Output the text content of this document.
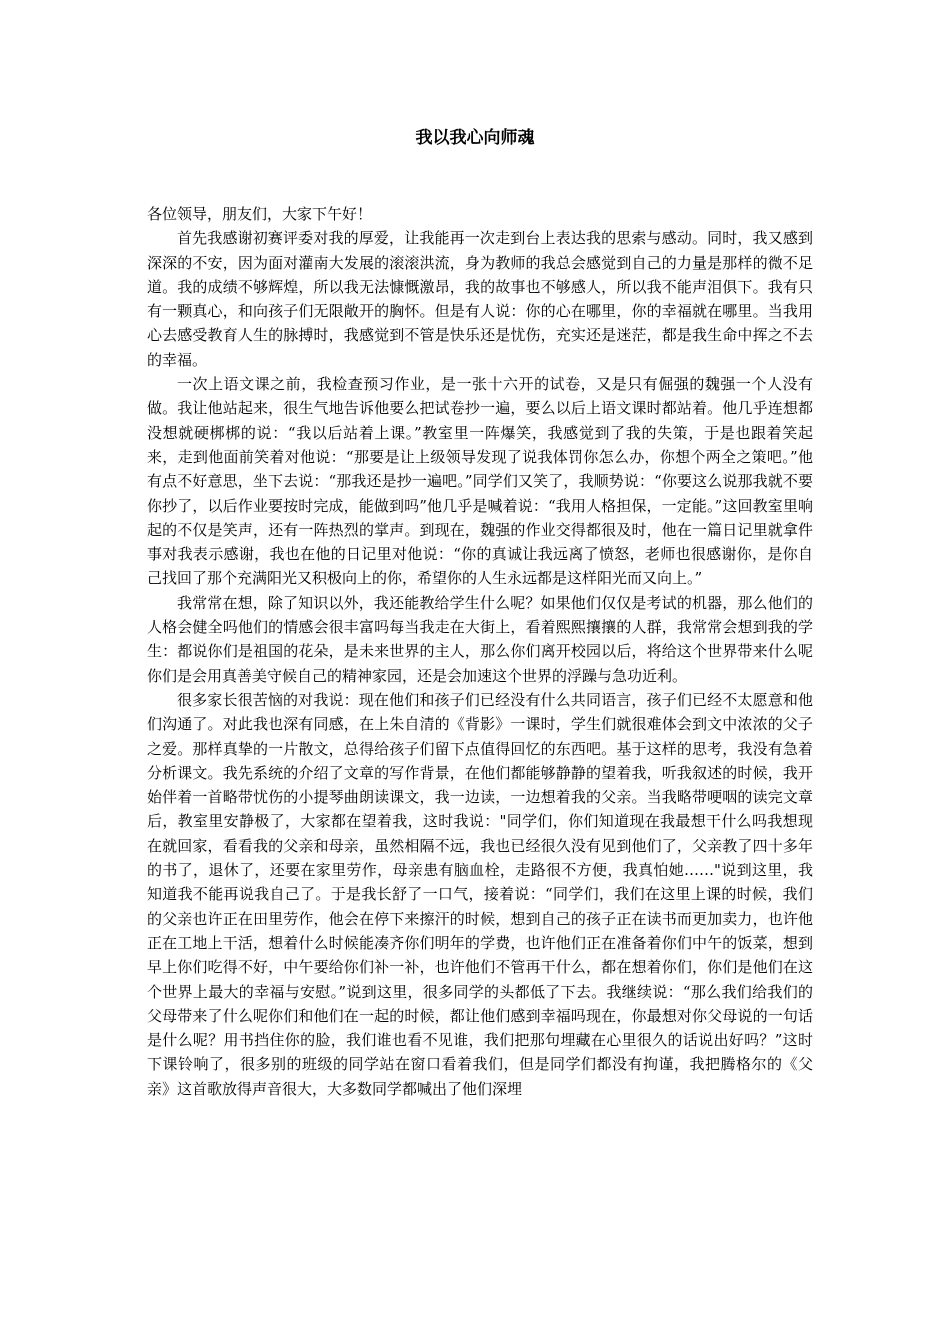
我以我心向师魂

各位领导，朋友们，大家下午好！

首先我感谢初赛评委对我的厚爱，让我能再一次走到台上表达我的思索与感动。同时，我又感到深深的不安，因为面对灌南大发展的滚滚洪流，身为教师的我总会感觉到自己的力量是那样的微不足道。我的成绩不够辉煌，所以我无法慷慨激昂，我的故事也不够感人，所以我不能声泪俱下。我有只有一颗真心，和向孩子们无限敞开的胸怀。但是有人说：你的心在哪里，你的幸福就在哪里。当我用心去感受教育人生的脉搏时，我感觉到不管是快乐还是忧伤，充实还是迷茫，都是我生命中挥之不去的幸福。

一次上语文课之前，我检查预习作业，是一张十六开的试卷，又是只有倔强的魏强一个人没有做。我让他站起来，很生气地告诉他要么把试卷抄一遍，要么以后上语文课时都站着。他几乎连想都没想就硬梆梆的说：“我以后站着上课。”教室里一阵爆笑，我感觉到了我的失策，于是也跟着笑起来，走到他面前笑着对他说：“那要是让上级领导发现了说我体罚你怎么办，你想个两全之策吧。”他有点不好意思，坐下去说：“那我还是抄一遍吧。”同学们又笑了，我顺势说：“你要这么说那我就不要你抄了，以后作业要按时完成，能做到吗”他几乎是喊着说：“我用人格担保，一定能。”这回教室里响起的不仅是笑声，还有一阵热烈的掌声。到现在，魏强的作业交得都很及时，他在一篇日记里就拿件事对我表示感谢，我也在他的日记里对他说：“你的真诚让我远离了愤怒，老师也很感谢你，是你自己找回了那个充满阳光又积极向上的你，希望你的人生永远都是这样阳光而又向上。”

我常常在想，除了知识以外，我还能教给学生什么呢？如果他们仅仅是考试的机器，那么他们的人格会健全吗他们的情感会很丰富吗每当我走在大街上，看着熙熙攘攘的人群，我常常会想到我的学生：都说你们是祖国的花朵，是未来世界的主人，那么你们离开校园以后，将给这个世界带来什么呢你们是会用真善美守候自己的精神家园，还是会加速这个世界的浮躁与急功近利。

很多家长很苦恼的对我说：现在他们和孩子们已经没有什么共同语言，孩子们已经不太愿意和他们沟通了。对此我也深有同感，在上朱自清的《背影》一课时，学生们就很难体会到文中浓浓的父子之爱。那样真挚的一片散文，总得给孩子们留下点值得回忆的东西吧。基于这样的思考，我没有急着分析课文。我先系统的介绍了文章的写作背景，在他们都能够静静的望着我，听我叙述的时候，我开始伴着一首略带忧伤的小提琴曲朗读课文，我一边读，一边想着我的父亲。当我略带哽咽的读完文章后，教室里安静极了，大家都在望着我，这时我说："同学们，你们知道现在我最想干什么吗我想现在就回家，看看我的父亲和母亲，虽然相隔不远，我也已经很久没有见到他们了，父亲教了四十多年的书了，退休了，还要在家里劳作，母亲患有脑血栓，走路很不方便，我真怕她……"说到这里，我知道我不能再说我自己了。于是我长舒了一口气，接着说：“同学们，我们在这里上课的时候，我们的父亲也许正在田里劳作，他会在停下来擦汗的时候，想到自己的孩子正在读书而更加卖力，也许他正在工地上干活，想着什么时候能凑齐你们明年的学费，也许他们正在准备着你们中午的饭菜，想到早上你们吃得不好，中午要给你们补一补，也许他们不管再干什么，都在想着你们，你们是他们在这个世界上最大的幸福与安慰。”说到这里，很多同学的头都低了下去。我继续说：“那么我们给我们的父母带来了什么呢你们和他们在一起的时候，都让他们感到幸福吗现在，你最想对你父母说的一句话是什么呢？用书挡住你的脸，我们谁也看不见谁，我们把那句埋藏在心里很久的话说出好吗？”这时下课铃响了，很多别的班级的同学站在窗口看着我们，但是同学们都没有拘谨，我把腾格尔的《父亲》这首歌放得声音很大，大多数同学都喊出了他们深埋
